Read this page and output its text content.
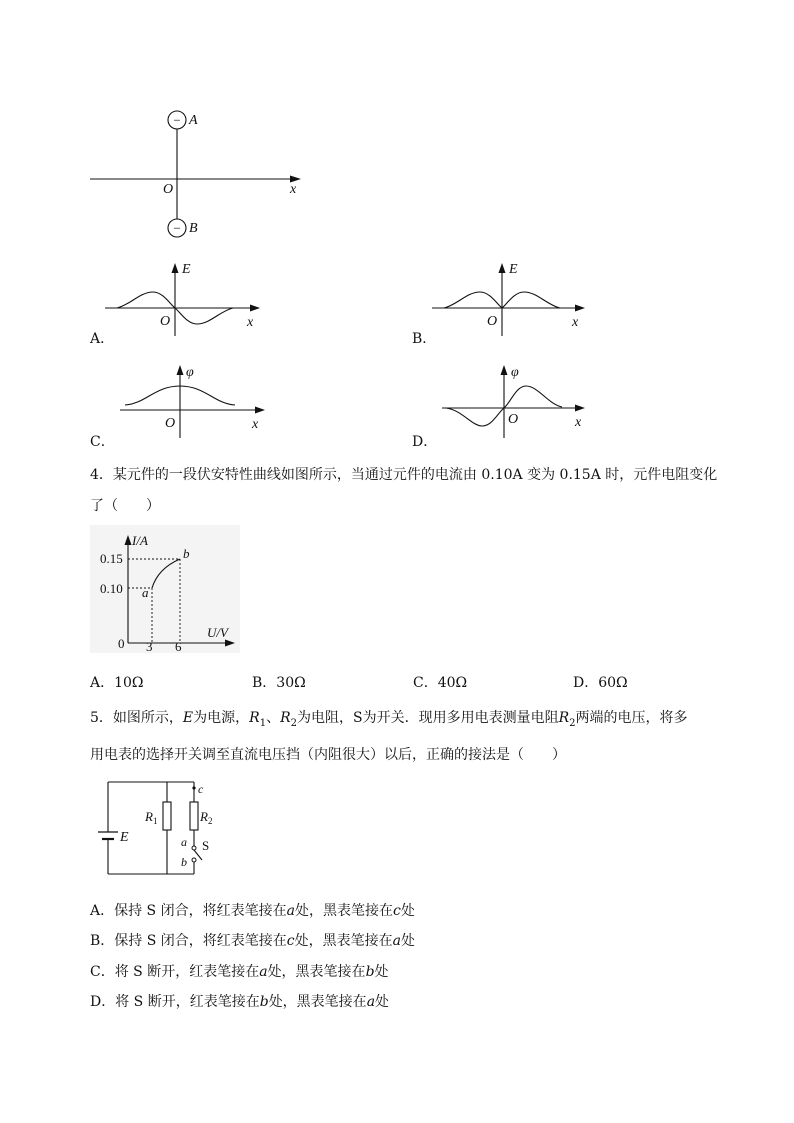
− A
− B
O	x
A．
E
O	x
B．
E
O	x
C．
φ
O	x
D．
φ
O	x
4．某元件的一段伏安特性曲线如图所示，当通过元件的电流由 0.10A 变为 0.15A 时，元件电阻变化
了（　　）
I/A
U/V
0.15
0.10
3 6
0
a
b
A．10Ω	B．30Ω	C．40Ω	D．60Ω
5．如图所示，E为电源，$R_1$、$R_2$为电阻，S为开关．现用多用电表测量电阻$R_2$两端的电压，将多
用电表的选择开关调至直流电压挡（内阻很大）以后，正确的接法是（　　）
E
$R_1$
c
$R_2$
a S
b
A．保持 S 闭合，将红表笔接在a处，黑表笔接在c处
B．保持 S 闭合，将红表笔接在c处，黑表笔接在a处
C．将 S 断开，红表笔接在a处，黑表笔接在b处
D．将 S 断开，红表笔接在b处，黑表笔接在a处
